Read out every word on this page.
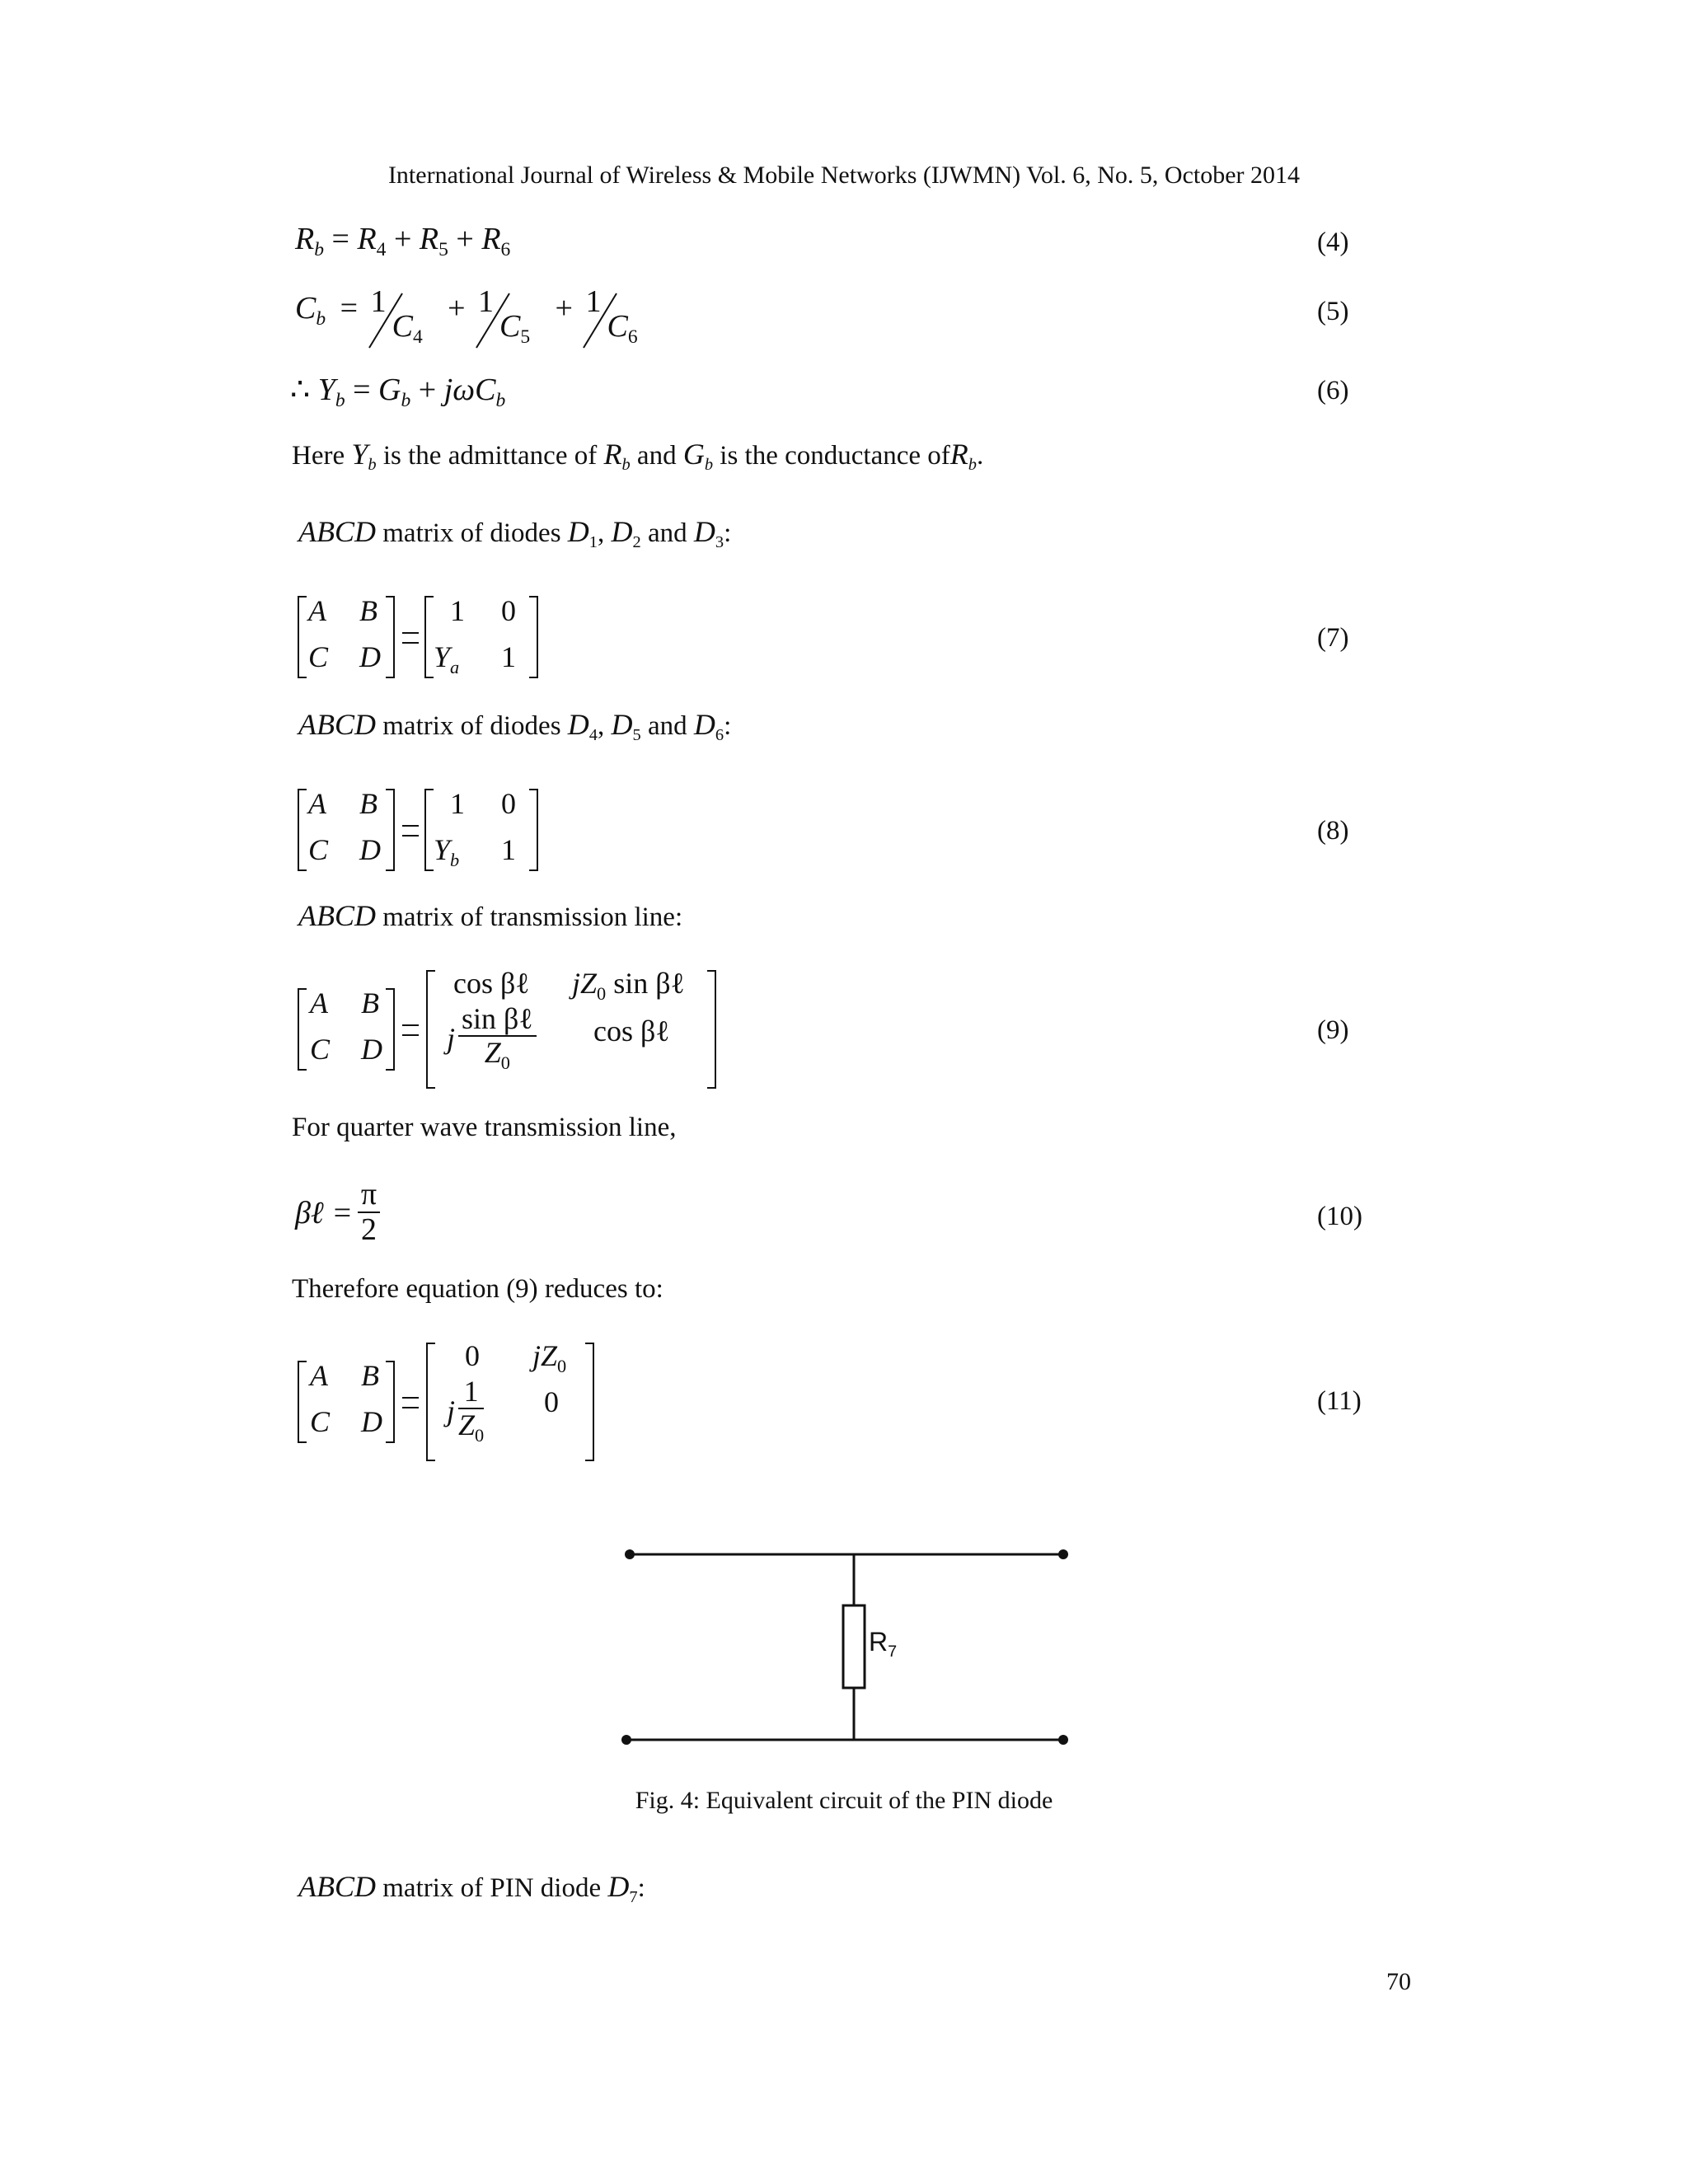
International Journal of Wireless & Mobile Networks (IJWMN) Vol. 6, No. 5, October 2014
$R_b = R_4 + R_5 + R_6$	(4)
$C_b = 1$
$C_4$
+ 1
$C_5$
+ 1
$C_6$
(5)
∴ $Y_b = G_b + j\omega C_b$	(6)
Here $Y_b$ is the admittance of $R_b$ and $G_b$ is the conductance ofR$_b$.
ABCD matrix of diodes $D_1$, $D_2$ and $D_3$:
A B
C D
1 0
$Y_a$ 1
(7)
ABCD matrix of diodes $D_4$, $D_5$ and $D_6$:
A B
C D
1 0
$Y_b$ 1
(8)
ABCD matrix of transmission line:
A B
C D
cos βℓ $jZ_0$ sin βℓ
j $\frac{\text{sin βℓ}}{Z_0}$ cos βℓ	(9)
For quarter wave transmission line,
βℓ = $\frac{\pi}{2}$	(10)
Therefore equation (9) reduces to:
A B
C D
0 $jZ_0$
j $\frac{1}{Z_0} 0$	(11)
$R_7$
Fig. 4: Equivalent circuit of the PIN diode
ABCD matrix of PIN diode $D_7$:
70
